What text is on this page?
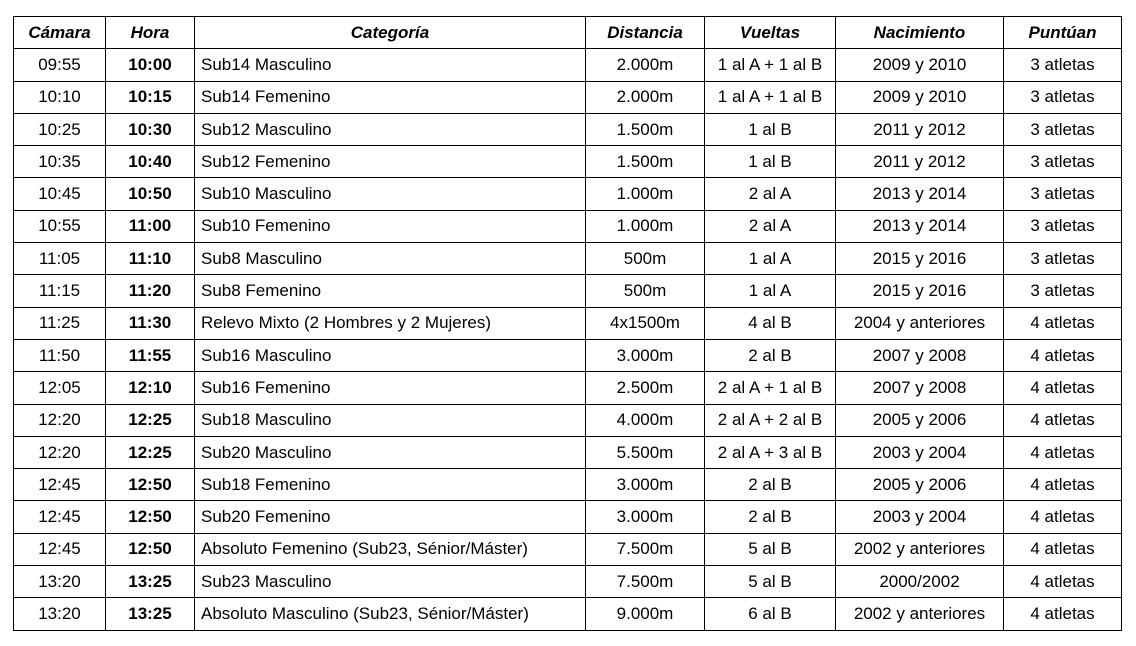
Cámara	Hora	Categoría	Distancia	Vueltas	Nacimiento	Puntúan
09:55	10:00	Sub14 Masculino	2.000m	1 al A + 1 al B	2009 y 2010	3 atletas
10:10	10:15	Sub14 Femenino	2.000m	1 al A + 1 al B	2009 y 2010	3 atletas
10:25	10:30	Sub12 Masculino	1.500m	1 al B	2011 y 2012	3 atletas
10:35	10:40	Sub12 Femenino	1.500m	1 al B	2011 y 2012	3 atletas
10:45	10:50	Sub10 Masculino	1.000m	2 al A	2013 y 2014	3 atletas
10:55	11:00	Sub10 Femenino	1.000m	2 al A	2013 y 2014	3 atletas
11:05	11:10	Sub8 Masculino	500m	1 al A	2015 y 2016	3 atletas
11:15	11:20	Sub8 Femenino	500m	1 al A	2015 y 2016	3 atletas
11:25	11:30	Relevo Mixto (2 Hombres y 2 Mujeres)	4x1500m	4 al B	2004 y anteriores	4 atletas
11:50	11:55	Sub16 Masculino	3.000m	2 al B	2007 y 2008	4 atletas
12:05	12:10	Sub16 Femenino	2.500m	2 al A + 1 al B	2007 y 2008	4 atletas
12:20	12:25	Sub18 Masculino	4.000m	2 al A + 2 al B	2005 y 2006	4 atletas
12:20	12:25	Sub20 Masculino	5.500m	2 al A + 3 al B	2003 y 2004	4 atletas
12:45	12:50	Sub18 Femenino	3.000m	2 al B	2005 y 2006	4 atletas
12:45	12:50	Sub20 Femenino	3.000m	2 al B	2003 y 2004	4 atletas
12:45	12:50	Absoluto Femenino (Sub23, Sénior/Máster)	7.500m	5 al B	2002 y anteriores	4 atletas
13:20	13:25	Sub23 Masculino	7.500m	5 al B	2000/2002	4 atletas
13:20	13:25	Absoluto Masculino (Sub23, Sénior/Máster)	9.000m	6 al B	2002 y anteriores	4 atletas
